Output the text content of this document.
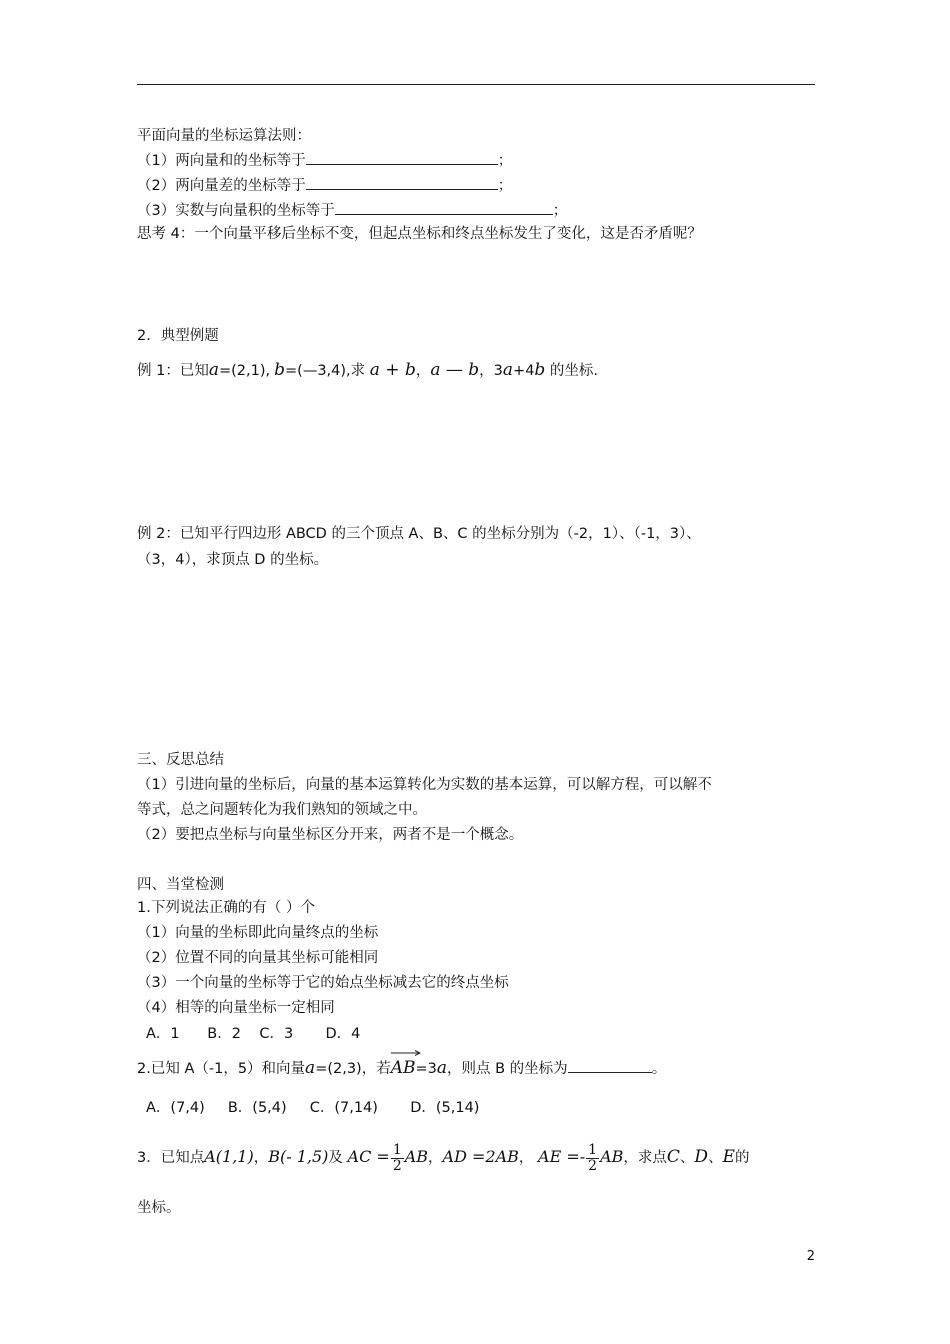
平面向量的坐标运算法则：
（1）两向量和的坐标等于	；
（2）两向量差的坐标等于	；
（3）实数与向量积的坐标等于	；
思考 4：一个向量平移后坐标不变，但起点坐标和终点坐标发生了变化，这是否矛盾呢？
2．典型例题
例 1：已知a=(2,1), b=(—3,4),求 a + b，a — b，3a+4b 的坐标.
例 2：已知平行四边形 ABCD 的三个顶点 A、B、C 的坐标分别为（-2，1）、（-1，3）、
（3，4），求顶点 D 的坐标。
三、反思总结
（1）引进向量的坐标后，向量的基本运算转化为实数的基本运算，可以解方程，可以解不
等式，总之问题转化为我们熟知的领域之中。
（2）要把点坐标与向量坐标区分开来，两者不是一个概念。
四、当堂检测
1.下列说法正确的有（ ）个
（1）向量的坐标即此向量终点的坐标
（2）位置不同的向量其坐标可能相同
（3）一个向量的坐标等于它的始点坐标减去它的终点坐标
（4）相等的向量坐标一定相同
A．1      B．2    C．3       D．4
2.已知 A（-1，5）和向量a=(2,3)，若
AB=3a，则点 B 的坐标为	。
A．(7,4)     B．(5,4)     C．(7,14)       D．(5,14)
3．已知点A(1,1)，B(- 1,5)及 AC = $\frac{1}{2}$ AB，AD =2AB， AE =- $\frac{1}{2}$ AB，求点C、D、E的
坐标。
2
